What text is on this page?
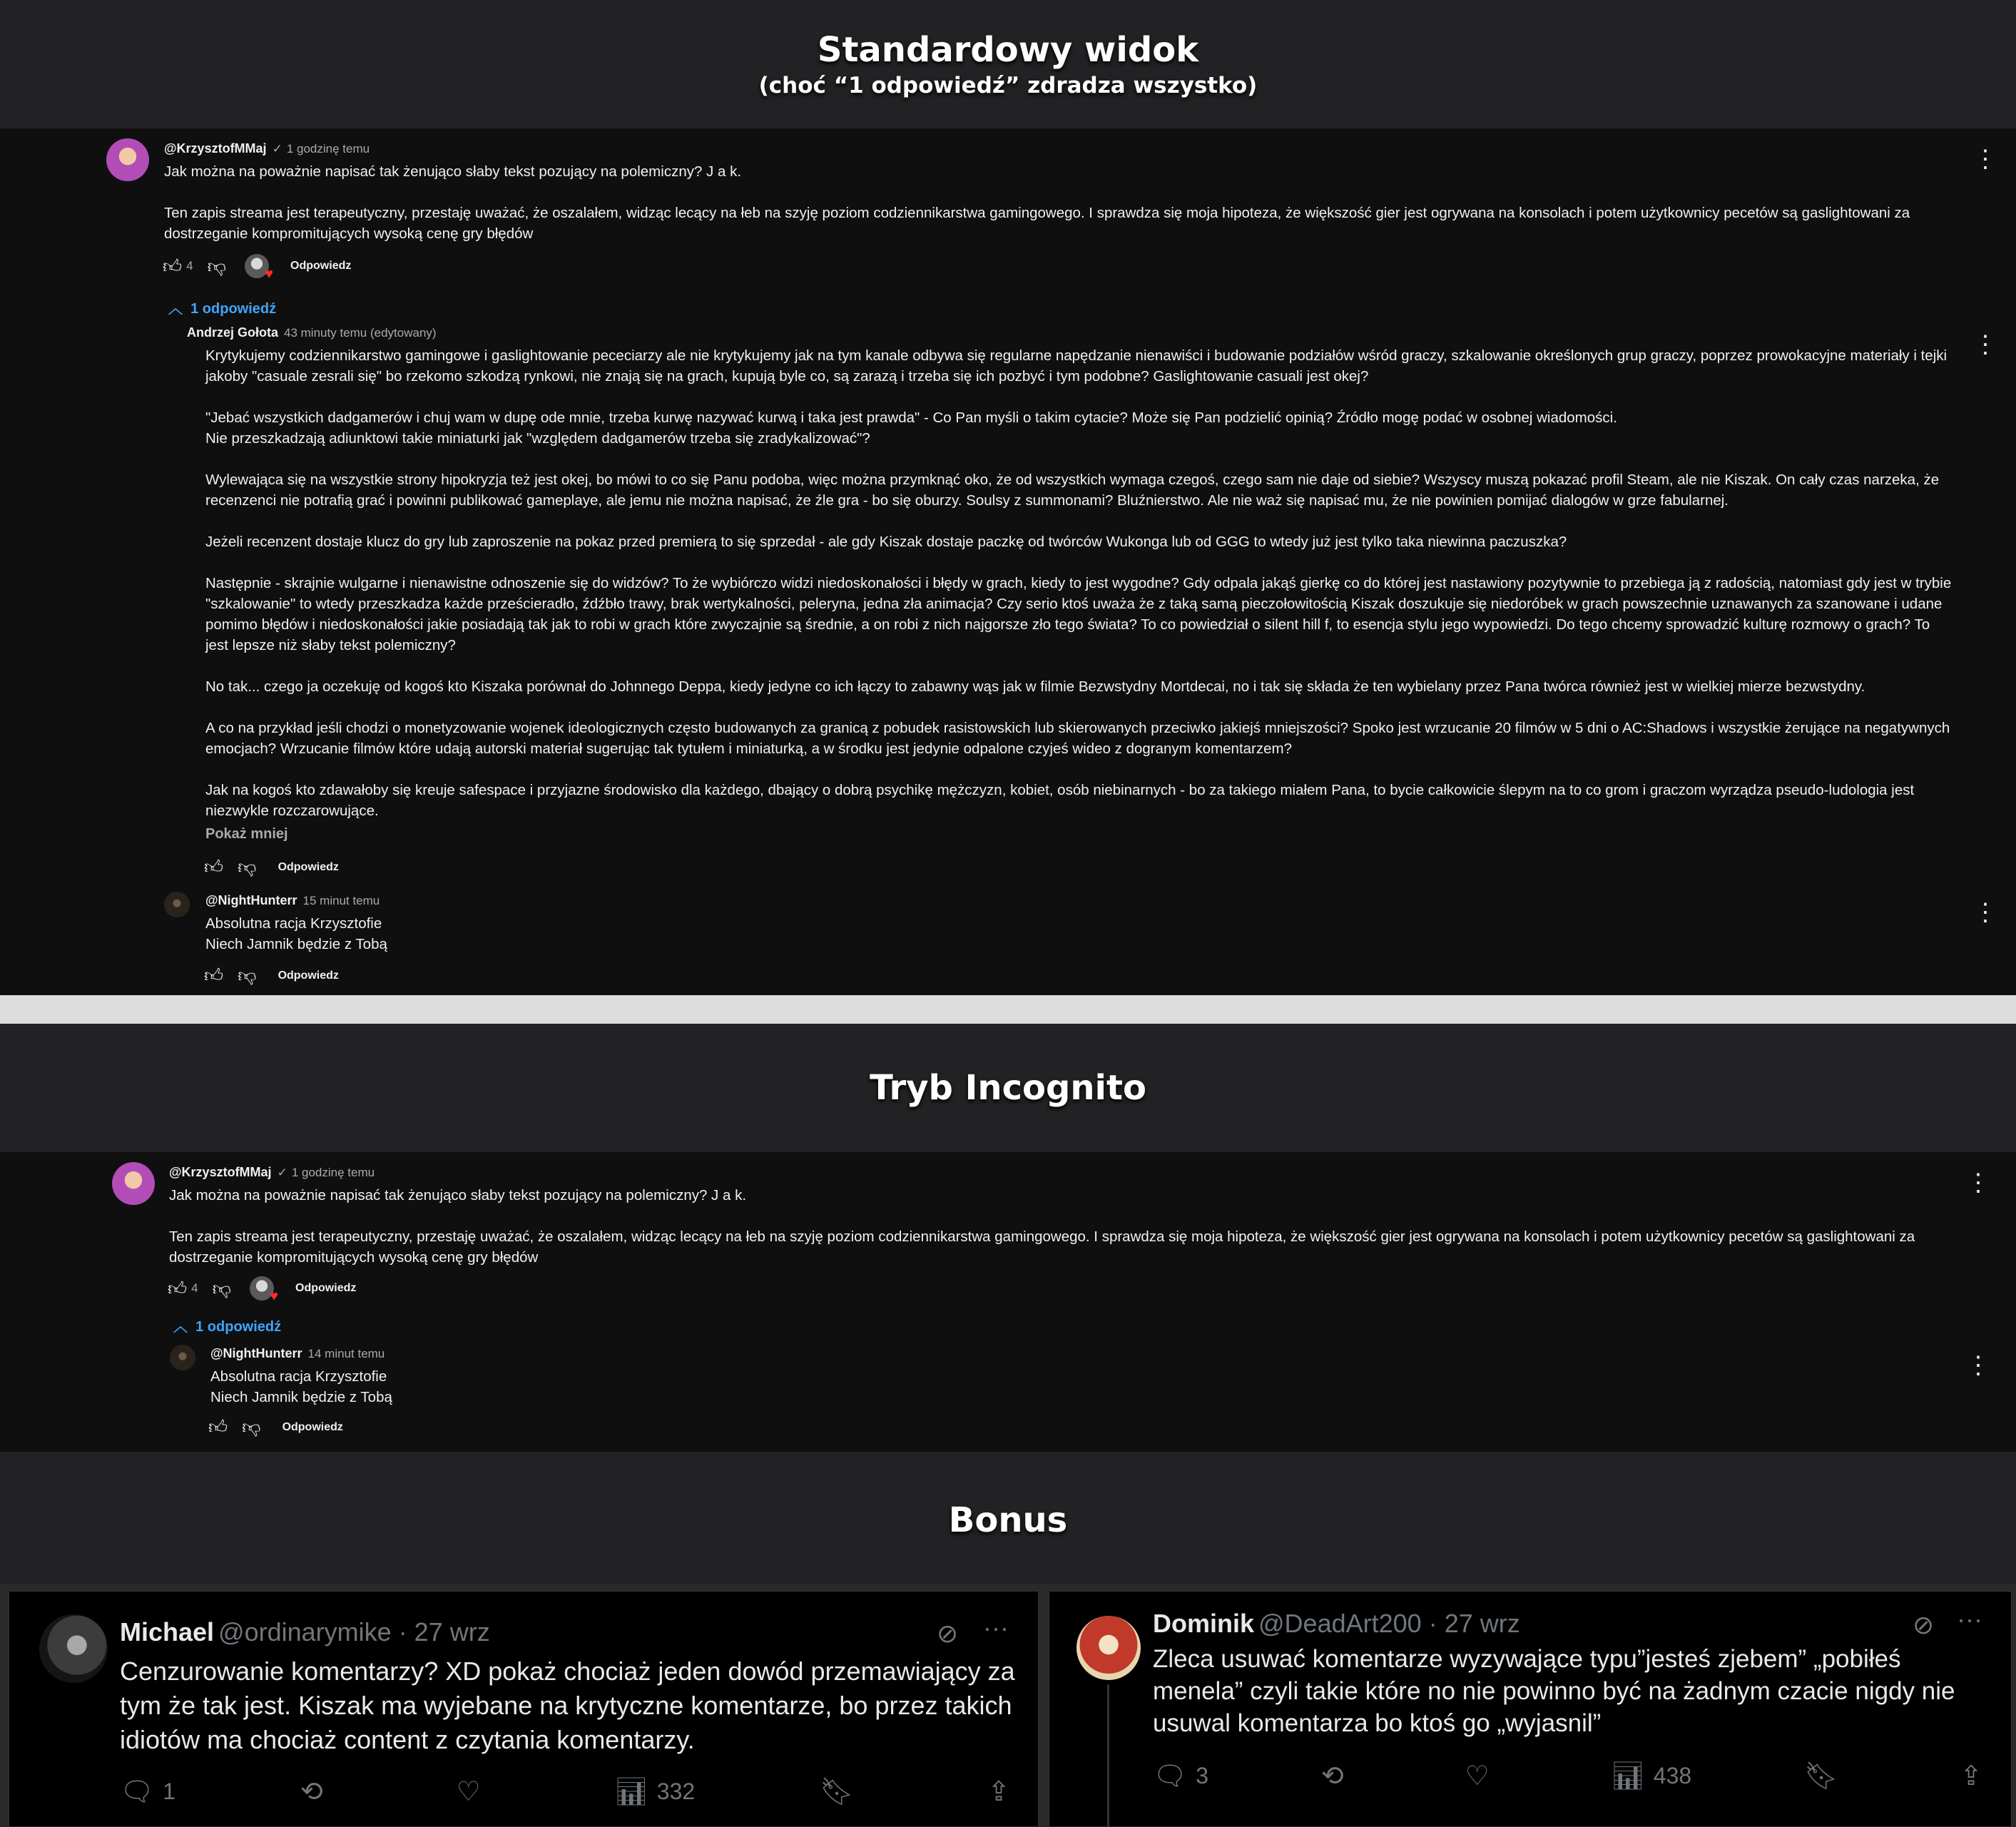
Standardowy widok
(choć “1 odpowiedź” zdradza wszystko)
@KrzysztofMMaj ✓ 1 godzinę temu
Jak można na poważnie napisać tak żenująco słaby tekst pozujący na polemiczny? J a k.

Ten zapis streama jest terapeutyczny, przestaję uważać, że oszalałem, widząc lecący na łeb na szyję poziom codziennikarstwa gamingowego. I sprawdza się moja hipoteza, że większość gier jest ogrywana na konsolach i potem użytkownicy pecetów są gaslightowani za dostrzeganie kompromitujących wysoką cenę gry błędów
⋮
👍︎ 4 👎︎ ♥	Odpowiedz
︿ 1 odpowiedź
Andrzej Gołota 43 minuty temu (edytowany)
Krytykujemy codziennikarstwo gamingowe i gaslightowanie pececiarzy ale nie krytykujemy jak na tym kanale odbywa się regularne napędzanie nienawiści i budowanie podziałów wśród graczy, szkalowanie określonych grup graczy, poprzez prowokacyjne materiały i tejki jakoby "casuale zesrali się" bo rzekomo szkodzą rynkowi, nie znają się na grach, kupują byle co, są zarazą i trzeba się ich pozbyć i tym podobne? Gaslightowanie casuali jest okej?

"Jebać wszystkich dadgamerów i chuj wam w dupę ode mnie, trzeba kurwę nazywać kurwą i taka jest prawda" - Co Pan myśli o takim cytacie? Może się Pan podzielić opinią? Źródło mogę podać w osobnej wiadomości.
Nie przeszkadzają adiunktowi takie miniaturki jak "względem dadgamerów trzeba się zradykalizować"?

Wylewająca się na wszystkie strony hipokryzja też jest okej, bo mówi to co się Panu podoba, więc można przymknąć oko, że od wszystkich wymaga czegoś, czego sam nie daje od siebie? Wszyscy muszą pokazać profil Steam, ale nie Kiszak. On cały czas narzeka, że recenzenci nie potrafią grać i powinni publikować gameplaye, ale jemu nie można napisać, że źle gra - bo się oburzy. Soulsy z summonami? Bluźnierstwo. Ale nie waż się napisać mu, że nie powinien pomijać dialogów w grze fabularnej.

Jeżeli recenzent dostaje klucz do gry lub zaproszenie na pokaz przed premierą to się sprzedał - ale gdy Kiszak dostaje paczkę od twórców Wukonga lub od GGG to wtedy już jest tylko taka niewinna paczuszka?

Następnie - skrajnie wulgarne i nienawistne odnoszenie się do widzów? To że wybiórczo widzi niedoskonałości i błędy w grach, kiedy to jest wygodne? Gdy odpala jakąś gierkę co do której jest nastawiony pozytywnie to przebiega ją z radością, natomiast gdy jest w trybie "szkalowanie" to wtedy przeszkadza każde prześcieradło, źdźbło trawy, brak wertykalności, peleryna, jedna zła animacja? Czy serio ktoś uważa że z taką samą pieczołowitością Kiszak doszukuje się niedoróbek w grach powszechnie uznawanych za szanowane i udane pomimo błędów i niedoskonałości jakie posiadają tak jak to robi w grach które zwyczajnie są średnie, a on robi z nich najgorsze zło tego świata? To co powiedział o silent hill f, to esencja stylu jego wypowiedzi. Do tego chcemy sprowadzić kulturę rozmowy o grach? To jest lepsze niż słaby tekst polemiczny?

No tak... czego ja oczekuję od kogoś kto Kiszaka porównał do Johnnego Deppa, kiedy jedyne co ich łączy to zabawny wąs jak w filmie Bezwstydny Mortdecai, no i tak się składa że ten wybielany przez Pana twórca również jest w wielkiej mierze bezwstydny.

A co na przykład jeśli chodzi o monetyzowanie wojenek ideologicznych często budowanych za granicą z pobudek rasistowskich lub skierowanych przeciwko jakiejś mniejszości? Spoko jest wrzucanie 20 filmów w 5 dni o AC:Shadows i wszystkie żerujące na negatywnych emocjach? Wrzucanie filmów które udają autorski materiał sugerując tak tytułem i miniaturką, a w środku jest jedynie odpalone czyjeś wideo z dogranym komentarzem?

Jak na kogoś kto zdawałoby się kreuje safespace i przyjazne środowisko dla każdego, dbający o dobrą psychikę mężczyzn, kobiet, osób niebinarnych - bo za takiego miałem Pana, to bycie całkowicie ślepym na to co grom i graczom wyrządza pseudo-ludologia jest niezwykle rozczarowujące.
⋮
Pokaż mniej
👍︎ 👎︎ Odpowiedz
@NightHunterr 15 minut temu
Absolutna racja Krzysztofie
Niech Jamnik będzie z Tobą
⋮
👍︎ 👎︎ Odpowiedz
Tryb Incognito
@KrzysztofMMaj ✓ 1 godzinę temu
Jak można na poważnie napisać tak żenująco słaby tekst pozujący na polemiczny? J a k.

Ten zapis streama jest terapeutyczny, przestaję uważać, że oszalałem, widząc lecący na łeb na szyję poziom codziennikarstwa gamingowego. I sprawdza się moja hipoteza, że większość gier jest ogrywana na konsolach i potem użytkownicy pecetów są gaslightowani za dostrzeganie kompromitujących wysoką cenę gry błędów
⋮
👍︎ 4 👎︎ ♥	Odpowiedz
︿ 1 odpowiedź
@NightHunterr 14 minut temu
Absolutna racja Krzysztofie
Niech Jamnik będzie z Tobą
⋮
👍︎ 👎︎ Odpowiedz
Bonus
Michael @ordinarymike · 27 wrz	⊘ ···
Cenzurowanie komentarzy? XD pokaż chociaż jeden dowód przemawiający za tym że tak jest. Kiszak ma wyjebane na krytyczne komentarze, bo przez takich idiotów ma chociaż content z czytania komentarzy.
🗨︎ 1	⟲	♡	📊︎ 332	🔖︎	⇪
Dominik @DeadArt200 · 27 wrz	⊘ ···
Zleca usuwać komentarze wyzywające typu”jesteś zjebem” „pobiłeś menela” czyli takie które no nie powinno być na żadnym czacie nigdy nie usuwal komentarza bo ktoś go „wyjasnil”
🗨︎ 3	⟲	♡	📊︎ 438	🔖︎	⇪
